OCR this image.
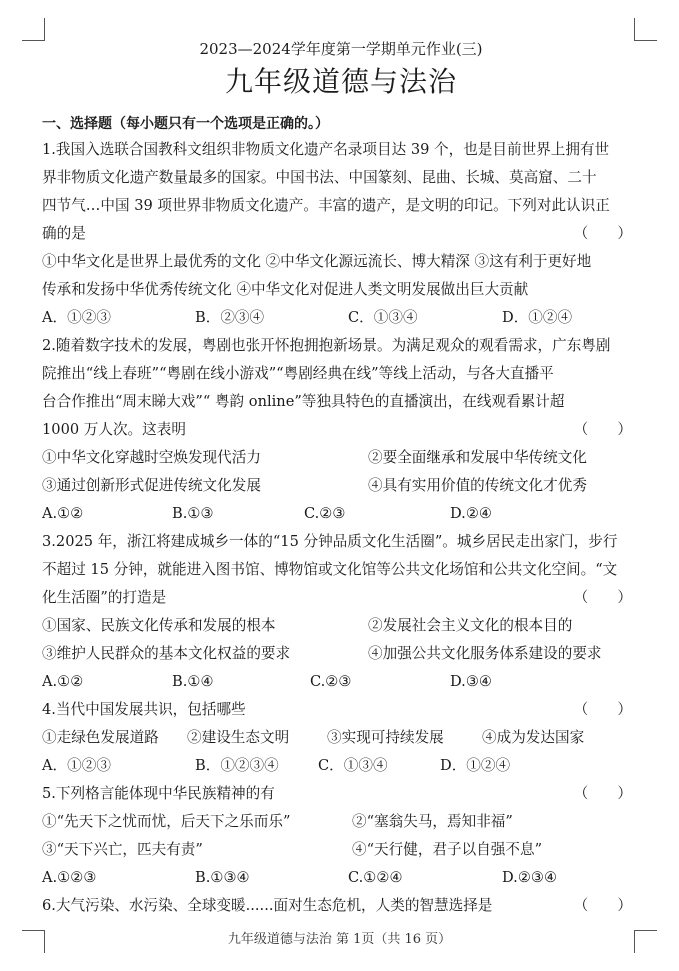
2023—2024学年度第一学期单元作业(三)
九年级道德与法治
一、选择题（每小题只有一个选项是正确的。）
1.我国入选联合国教科文组织非物质文化遗产名录项目达 39 个，也是目前世界上拥有世
界非物质文化遗产数量最多的国家。中国书法、中国篆刻、昆曲、长城、莫高窟、二十
四节气…中国 39 项世界非物质文化遗产。丰富的遗产，是文明的印记。下列对此认识正
确的是	（　　）
①中华文化是世界上最优秀的文化 ②中华文化源远流长、博大精深 ③这有利于更好地
传承和发扬中华优秀传统文化 ④中华文化对促进人类文明发展做出巨大贡献
A．①②③	B．②③④	C．①③④	D．①②④
2.随着数字技术的发展，粤剧也张开怀抱拥抱新场景。为满足观众的观看需求，广东粤剧
院推出“线上春班”“粤剧在线小游戏”“粤剧经典在线”等线上活动，与各大直播平
台合作推出“周末睇大戏”“ 粤韵 online”等独具特色的直播演出，在线观看累计超
1000 万人次。这表明	（　　）
①中华文化穿越时空焕发现代活力	②要全面继承和发展中华传统文化
③通过创新形式促进传统文化发展	④具有实用价值的传统文化才优秀
A.①②	B.①③	C.②③	D.②④
3.2025 年，浙江将建成城乡一体的“15 分钟品质文化生活圈”。城乡居民走出家门，步行
不超过 15 分钟，就能进入图书馆、博物馆或文化馆等公共文化场馆和公共文化空间。“文
化生活圈”的打造是	（　　）
①国家、民族文化传承和发展的根本	②发展社会主义文化的根本目的
③维护人民群众的基本文化权益的要求	④加强公共文化服务体系建设的要求
A.①②	B.①④	C.②③	D.③④
4.当代中国发展共识，包括哪些	（　　）
①走绿色发展道路 ②建设生态文明	③实现可持续发展	④成为发达国家
A．①②③	B．①②③④	C．①③④	D．①②④
5.下列格言能体现中华民族精神的有	（　　）
①“先天下之忧而忧，后天下之乐而乐”	②“塞翁失马，焉知非福”
③“天下兴亡，匹夫有责”	④“天行健，君子以自强不息”
A.①②③	B.①③④	C.①②④	D.②③④
6.大气污染、水污染、全球变暖......面对生态危机，人类的智慧选择是	（　　）
九年级道德与法治 第 1页（共 16 页）
